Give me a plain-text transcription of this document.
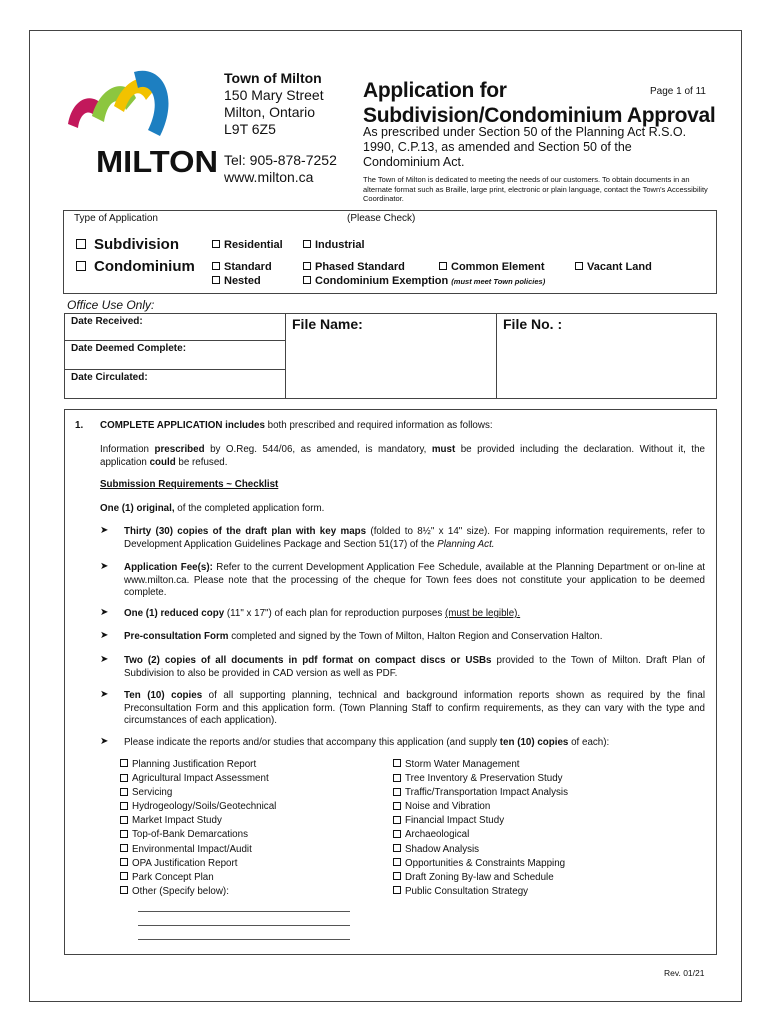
MILTON
Town of Milton
150 Mary Street
Milton, Ontario
L9T 6Z5
Tel: 905-878-7252
www.milton.ca
Application for
Subdivision/Condominium Approval
Page 1 of 11
As prescribed under Section 50 of the Planning Act R.S.O. 1990, C.P.13, as amended and Section 50 of the Condominium Act.
The Town of Milton is dedicated to meeting the needs of our customers. To obtain documents in an alternate format such as Braille, large print, electronic or plain language, contact the Town's Accessibility Coordinator.
Type of Application	(Please Check)
Subdivision
Condominium
Residential	Industrial
Standard	Phased Standard	Common Element	Vacant Land
Nested	Condominium Exemption (must meet Town policies)
Office Use Only:
Date Received:	File Name:	File No. :
Date Deemed Complete:
Date Circulated:
1. COMPLETE APPLICATION includes both prescribed and required information as follows:
Information prescribed by O.Reg. 544/06, as amended, is mandatory, must be provided including the declaration. Without it, the application could be refused.
Submission Requirements ~ Checklist
One (1) original, of the completed application form.
➤ Thirty (30) copies of the draft plan with key maps (folded to 8½" x 14" size). For mapping information requirements, refer to Development Application Guidelines Package and Section 51(17) of the Planning Act.
➤ Application Fee(s): Refer to the current Development Application Fee Schedule, available at the Planning Department or on-line at www.milton.ca. Please note that the processing of the cheque for Town fees does not constitute your application to be deemed complete.
➤ One (1) reduced copy (11" x 17") of each plan for reproduction purposes (must be legible).
➤ Pre-consultation Form completed and signed by the Town of Milton, Halton Region and Conservation Halton.
➤ Two (2) copies of all documents in pdf format on compact discs or USBs provided to the Town of Milton. Draft Plan of Subdivision to also be provided in CAD version as well as PDF.
➤ Ten (10) copies of all supporting planning, technical and background information reports shown as required by the final Preconsultation Form and this application form. (Town Planning Staff to confirm requirements, as they can vary with the type and circumstances of each application).
➤ Please indicate the reports and/or studies that accompany this application (and supply ten (10) copies of each):
Planning Justification Report
Agricultural Impact Assessment
Servicing
Hydrogeology/Soils/Geotechnical
Market Impact Study
Top-of-Bank Demarcations
Environmental Impact/Audit
OPA Justification Report
Park Concept Plan
Other (Specify below):
Storm Water Management
Tree Inventory & Preservation Study
Traffic/Transportation Impact Analysis
Noise and Vibration
Financial Impact Study
Archaeological
Shadow Analysis
Opportunities & Constraints Mapping
Draft Zoning By-law and Schedule
Public Consultation Strategy
Rev. 01/21
